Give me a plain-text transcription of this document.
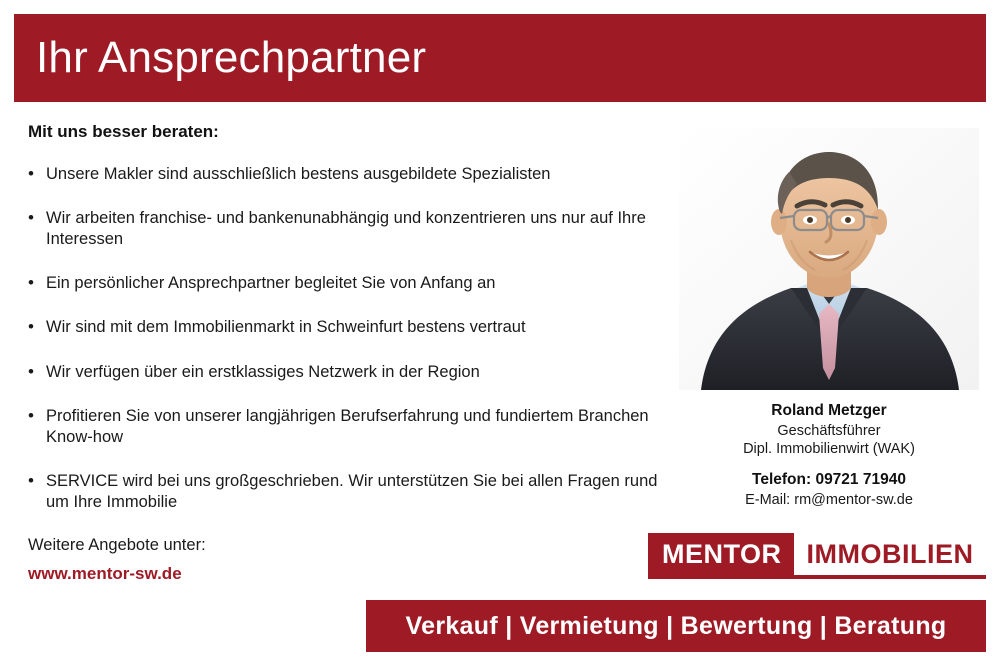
Ihr Ansprechpartner
Mit uns besser beraten:
• Unsere Makler sind ausschließlich bestens ausgebildete Spezialisten
• Wir arbeiten franchise- und bankenunabhängig und konzentrieren uns nur auf Ihre Interessen
• Ein persönlicher Ansprechpartner begleitet Sie von Anfang an
• Wir sind mit dem Immobilienmarkt in Schweinfurt bestens vertraut
• Wir verfügen über ein erstklassiges Netzwerk in der Region
• Profitieren Sie von unserer langjährigen Berufserfahrung und fundiertem Branchen Know-how
• SERVICE wird bei uns großgeschrieben. Wir unterstützen Sie bei allen Fragen rund um Ihre Immobilie
Weitere Angebote unter:
www.mentor-sw.de
Roland Metzger
Geschäftsführer
Dipl. Immobilienwirt (WAK)
Telefon: 09721 71940
E-Mail: rm@mentor-sw.de
MENTOR IMMOBILIEN
Verkauf | Vermietung | Bewertung | Beratung
